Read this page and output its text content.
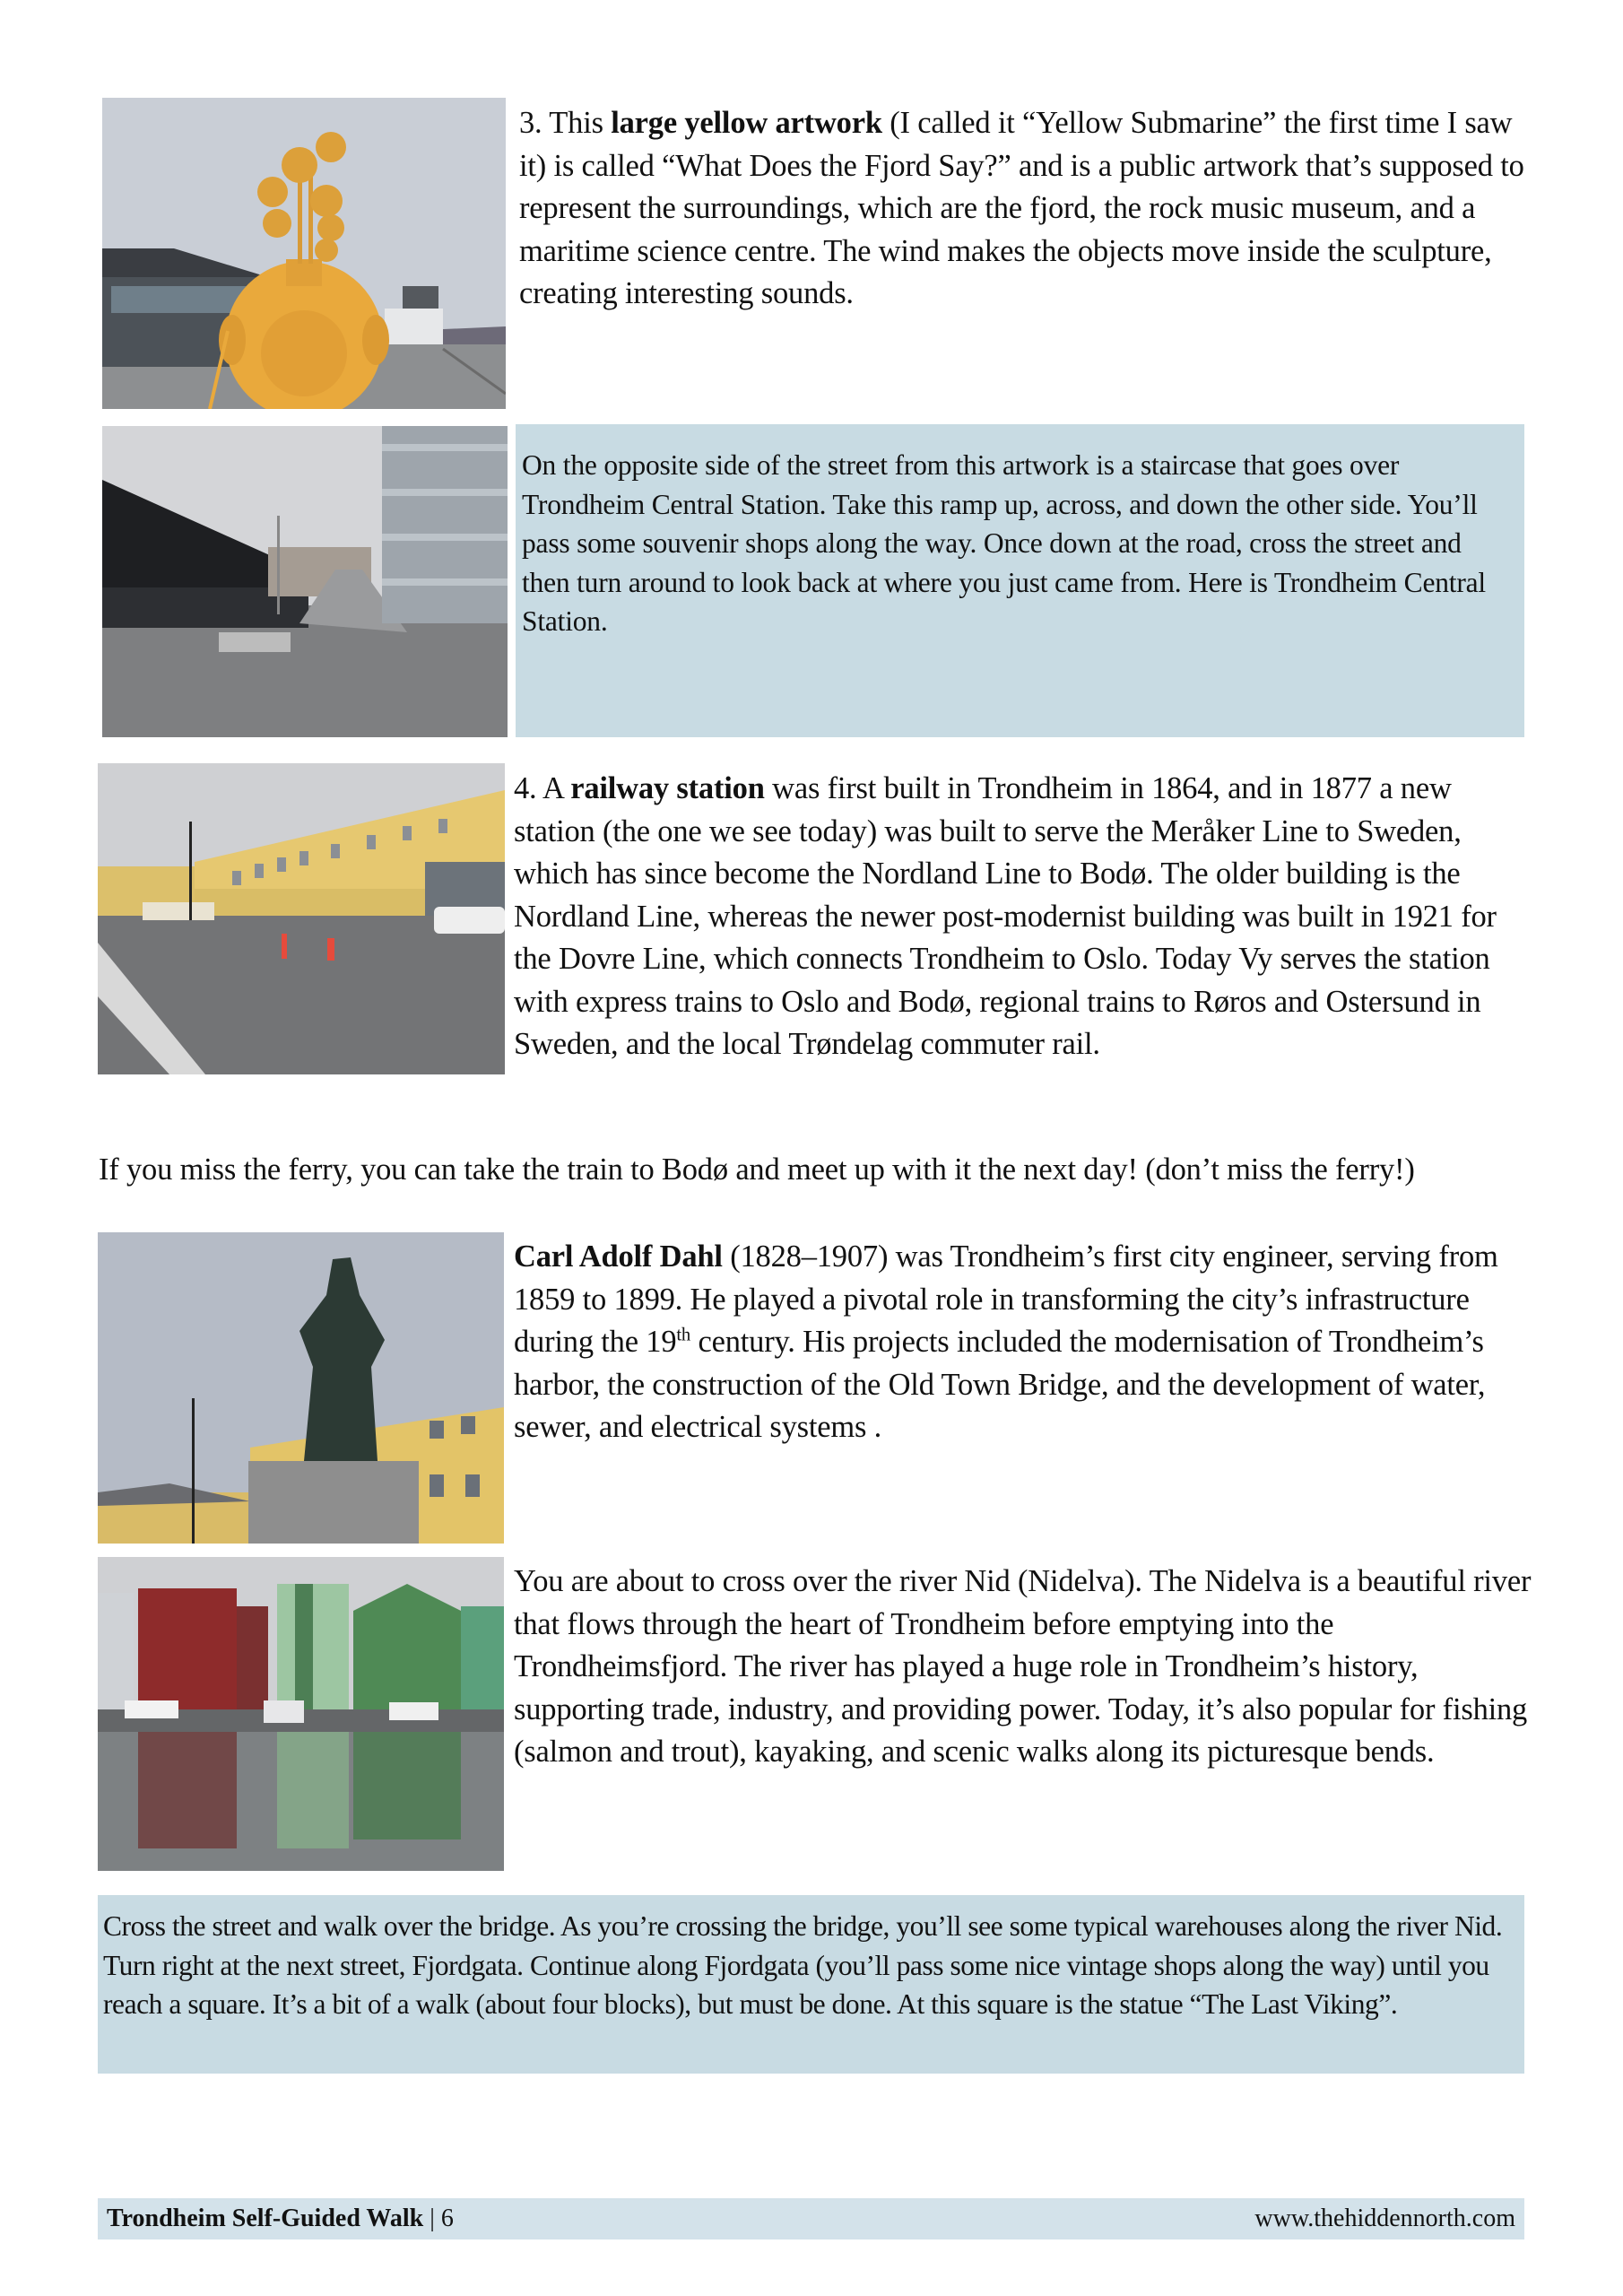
3. This large yellow artwork (I called it “Yellow Submarine” the first time I saw it) is called “What Does the Fjord Say?” and is a public artwork that’s supposed to represent the surroundings, which are the fjord, the rock music museum, and a maritime science centre. The wind makes the objects move inside the sculpture, creating interesting sounds.

On the opposite side of the street from this artwork is a staircase that goes over Trondheim Central Station. Take this ramp up, across, and down the other side. You’ll pass some souvenir shops along the way. Once down at the road, cross the street and then turn around to look back at where you just came from. Here is Trondheim Central Station.

4. A railway station was first built in Trondheim in 1864, and in 1877 a new station (the one we see today) was built to serve the Meråker Line to Sweden, which has since become the Nordland Line to Bodø. The older building is the Nordland Line, whereas the newer post-modernist building was built in 1921 for the Dovre Line, which connects Trondheim to Oslo. Today Vy serves the station with express trains to Oslo and Bodø, regional trains to Røros and Ostersund in Sweden, and the local Trøndelag commuter rail.

If you miss the ferry, you can take the train to Bodø and meet up with it the next day! (don’t miss the ferry!)

Carl Adolf Dahl (1828–1907) was Trondheim’s first city engineer, serving from 1859 to 1899. He played a pivotal role in transforming the city’s infrastructure during the 19th century. His projects included the modernisation of Trondheim’s harbor, the construction of the Old Town Bridge, and the development of water, sewer, and electrical systems .

You are about to cross over the river Nid (Nidelva). The Nidelva is a beautiful river that flows through the heart of Trondheim before emptying into the Trondheimsfjord. The river has played a huge role in Trondheim’s history, supporting trade, industry, and providing power. Today, it’s also popular for fishing (salmon and trout), kayaking, and scenic walks along its picturesque bends.

Cross the street and walk over the bridge. As you’re crossing the bridge, you’ll see some typical warehouses along the river Nid. Turn right at the next street, Fjordgata. Continue along Fjordgata (you’ll pass some nice vintage shops along the way) until you reach a square. It’s a bit of a walk (about four blocks), but must be done. At this square is the statue “The Last Viking”.

Trondheim Self-Guided Walk | 6	www.thehiddennorth.com
